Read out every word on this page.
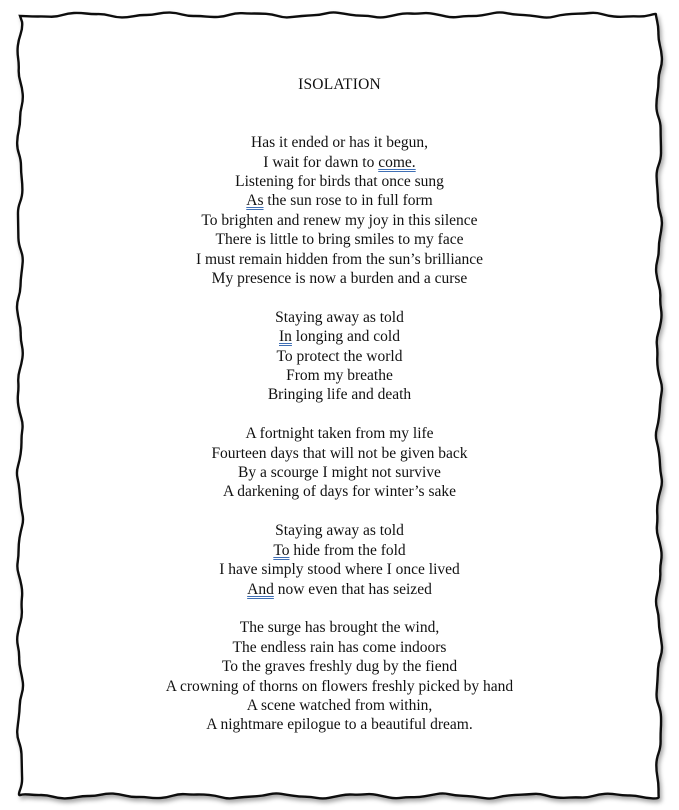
ISOLATION
Has it ended or has it begun,
I wait for dawn to come.
Listening for birds that once sung
As the sun rose to in full form
To brighten and renew my joy in this silence
There is little to bring smiles to my face
I must remain hidden from the sun’s brilliance
My presence is now a burden and a curse
Staying away as told
In longing and cold
To protect the world
From my breathe
Bringing life and death
A fortnight taken from my life
Fourteen days that will not be given back
By a scourge I might not survive
A darkening of days for winter’s sake
Staying away as told
To hide from the fold
I have simply stood where I once lived
And now even that has seized
The surge has brought the wind,
The endless rain has come indoors
To the graves freshly dug by the fiend
A crowning of thorns on flowers freshly picked by hand
A scene watched from within,
A nightmare epilogue to a beautiful dream.
